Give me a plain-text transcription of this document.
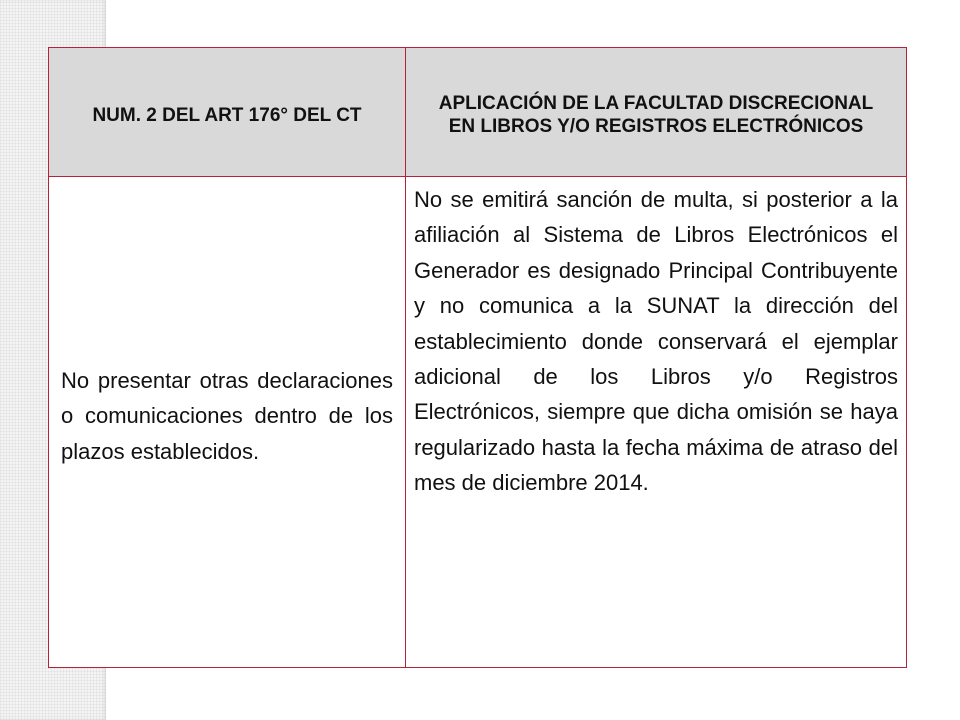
NUM. 2 DEL ART 176° DEL CT	APLICACIÓN DE LA FACULTAD DISCRECIONAL EN LIBROS Y/O REGISTROS ELECTRÓNICOS
No presentar otras declaraciones o comunicaciones dentro de los plazos establecidos.	No se emitirá sanción de multa, si posterior a la afiliación al Sistema de Libros Electrónicos el Generador es designado Principal Contribuyente y no comunica a la SUNAT la dirección del establecimiento donde conservará el ejemplar adicional de los Libros y/o Registros Electrónicos, siempre que dicha omisión se haya regularizado hasta la fecha máxima de atraso del mes de diciembre 2014.
